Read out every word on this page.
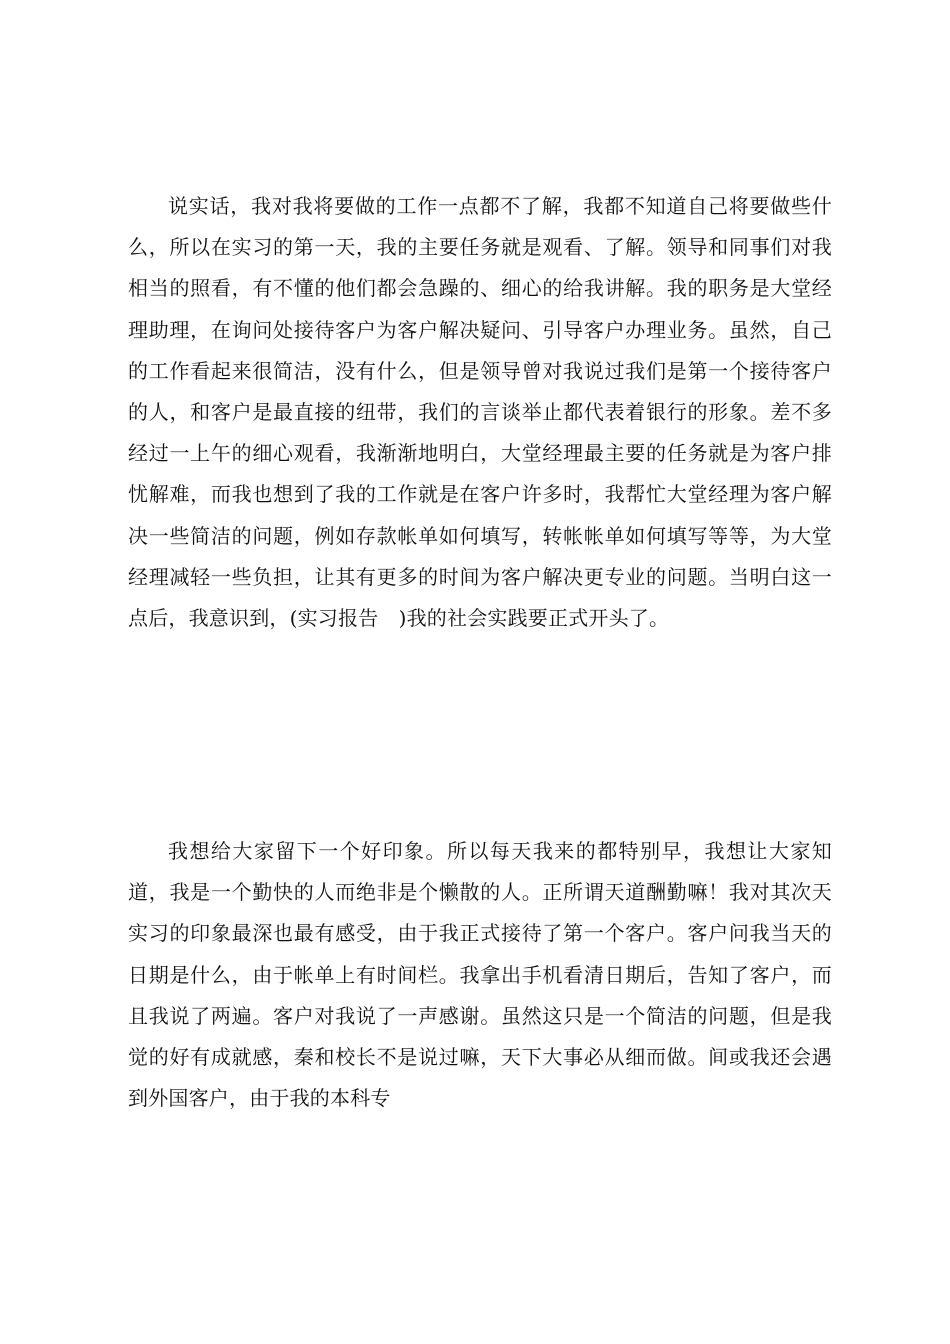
说实话，我对我将要做的工作一点都不了解，我都不知道自己将要做些什么，所以在实习的第一天，我的主要任务就是观看、了解。领导和同事们对我相当的照看，有不懂的他们都会急躁的、细心的给我讲解。我的职务是大堂经理助理，在询问处接待客户为客户解决疑问、引导客户办理业务。虽然，自己的工作看起来很简洁，没有什么，但是领导曾对我说过我们是第一个接待客户的人，和客户是最直接的纽带，我们的言谈举止都代表着银行的形象。差不多经过一上午的细心观看，我渐渐地明白，大堂经理最主要的任务就是为客户排忧解难，而我也想到了我的工作就是在客户许多时，我帮忙大堂经理为客户解决一些简洁的问题，例如存款帐单如何填写，转帐帐单如何填写等等，为大堂经理减轻一些负担，让其有更多的时间为客户解决更专业的问题。当明白这一点后，我意识到，(实习报告　)我的社会实践要正式开头了。

我想给大家留下一个好印象。所以每天我来的都特别早，我想让大家知道，我是一个勤快的人而绝非是个懒散的人。正所谓天道酬勤嘛！我对其次天实习的印象最深也最有感受，由于我正式接待了第一个客户。客户问我当天的日期是什么，由于帐单上有时间栏。我拿出手机看清日期后，告知了客户，而且我说了两遍。客户对我说了一声感谢。虽然这只是一个简洁的问题，但是我觉的好有成就感，秦和校长不是说过嘛，天下大事必从细而做。间或我还会遇到外国客户，由于我的本科专
